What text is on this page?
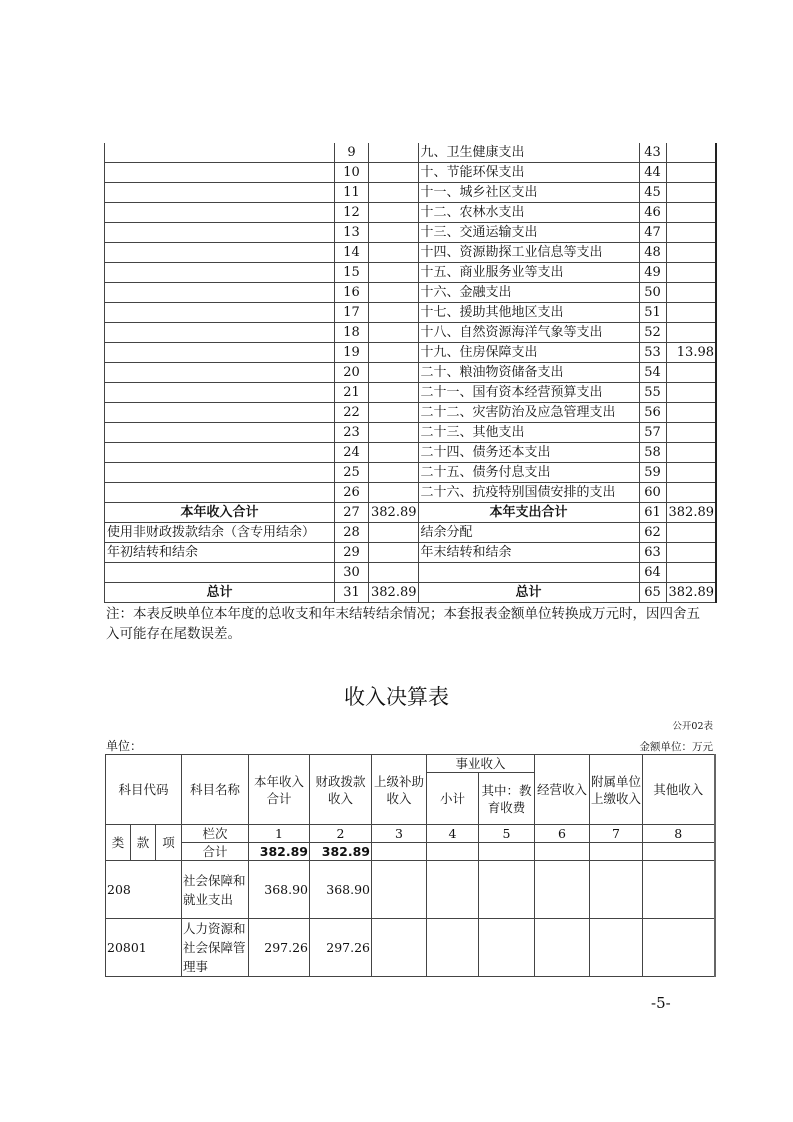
	9		九、卫生健康支出	43	
	10		十、节能环保支出	44	
	11		十一、城乡社区支出	45	
	12		十二、农林水支出	46	
	13		十三、交通运输支出	47	
	14		十四、资源勘探工业信息等支出	48	
	15		十五、商业服务业等支出	49	
	16		十六、金融支出	50	
	17		十七、援助其他地区支出	51	
	18		十八、自然资源海洋气象等支出	52	
	19		十九、住房保障支出	53	13.98
	20		二十、粮油物资储备支出	54	
	21		二十一、国有资本经营预算支出	55	
	22		二十二、灾害防治及应急管理支出	56	
	23		二十三、其他支出	57	
	24		二十四、债务还本支出	58	
	25		二十五、债务付息支出	59	
	26		二十六、抗疫特别国债安排的支出	60	
本年收入合计	27	382.89	本年支出合计	61	382.89
使用非财政拨款结余（含专用结余）	28		结余分配	62	
年初结转和结余	29		年末结转和结余	63	
	30			64	
总计	31	382.89	总计	65	382.89
注：本表反映单位本年度的总收支和年末结转结余情况；本套报表金额单位转换成万元时，因四舍五入可能存在尾数误差。
收入决算表
公开02表
单位：	金额单位：万元
科目代码			科目名称	本年收入合计	财政拨款收入	上级补助收入	事业收入		经营收入	附属单位上缴收入	其他收入
							小计	其中：教育收费			
类	款	项	栏次	1	2	3	4	5	6	7	8
			合计	382.89	382.89						
208			社会保障和就业支出	368.90	368.90						
20801			人力资源和社会保障管理事	297.26	297.26						
-5-
